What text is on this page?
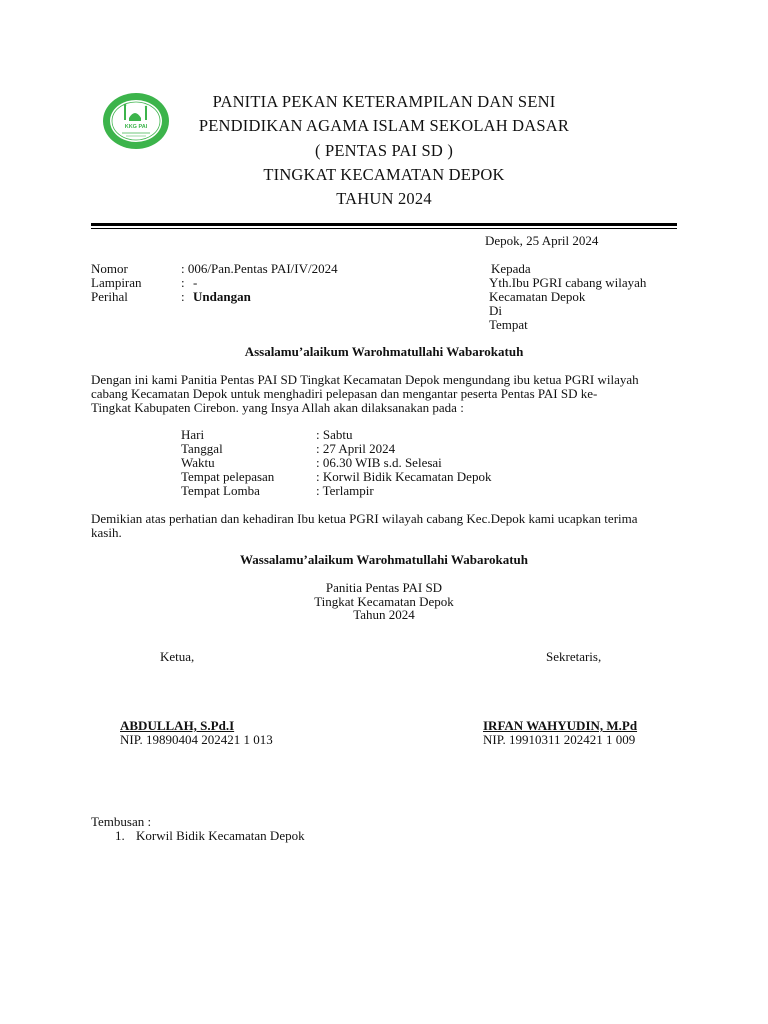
KKG PAI
PANITIA PEKAN KETERAMPILAN DAN SENI
PENDIDIKAN AGAMA ISLAM SEKOLAH DASAR
( PENTAS PAI SD )
TINGKAT KECAMATAN DEPOK
TAHUN 2024
Depok, 25 April 2024
Nomor	: 006/Pan.Pentas PAI/IV/2024
Lampiran	: -
Perihal	: Undangan
Kepada
Yth.Ibu PGRI cabang wilayah
Kecamatan Depok
Di
Tempat
Assalamu’alaikum Warohmatullahi Wabarokatuh
Dengan ini kami Panitia Pentas PAI SD Tingkat Kecamatan Depok mengundang ibu ketua PGRI wilayah
cabang Kecamatan Depok untuk menghadiri pelepasan dan mengantar peserta Pentas PAI SD ke-
Tingkat Kabupaten Cirebon. yang Insya Allah akan dilaksanakan pada :
Hari	: Sabtu
Tanggal	: 27 April 2024
Waktu	: 06.30 WIB s.d. Selesai
Tempat pelepasan	: Korwil Bidik Kecamatan Depok
Tempat Lomba	: Terlampir
Demikian atas perhatian dan kehadiran Ibu ketua PGRI wilayah cabang Kec.Depok kami ucapkan terima
kasih.
Wassalamu’alaikum Warohmatullahi Wabarokatuh
Panitia Pentas PAI SD
Tingkat Kecamatan Depok
Tahun 2024
Ketua,	Sekretaris,
ABDULLAH, S.Pd.I
NIP. 19890404 202421 1 013
IRFAN WAHYUDIN, M.Pd
NIP. 19910311 202421 1 009
Tembusan :
1. Korwil Bidik Kecamatan Depok
